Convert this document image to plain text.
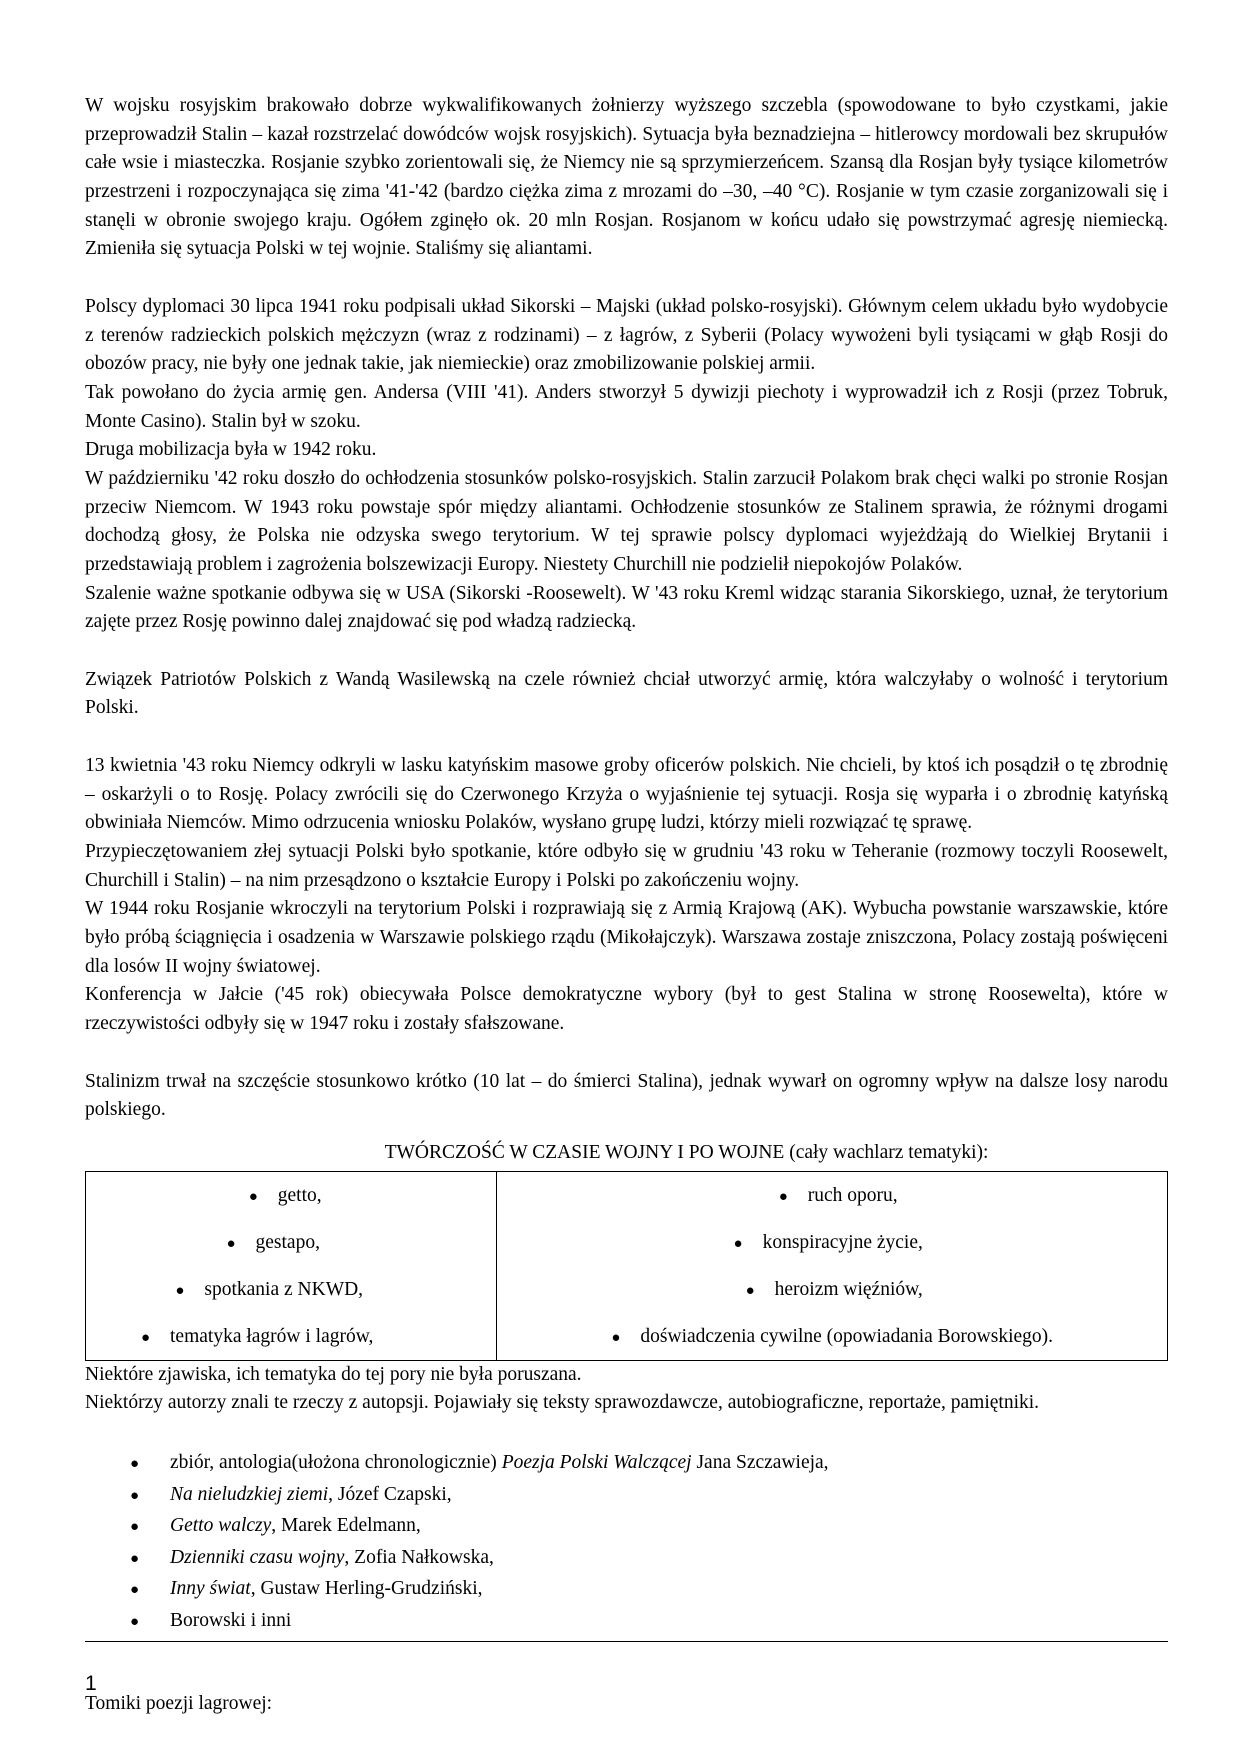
W wojsku rosyjskim brakowało dobrze wykwalifikowanych żołnierzy wyższego szczebla (spowodowane to było czystkami, jakie przeprowadził Stalin – kazał rozstrzelać dowódców wojsk rosyjskich). Sytuacja była beznadziejna – hitlerowcy mordowali bez skrupułów całe wsie i miasteczka. Rosjanie szybko zorientowali się, że Niemcy nie są sprzymierzeńcem. Szansą dla Rosjan były tysiące kilometrów przestrzeni i rozpoczynająca się zima '41-'42 (bardzo ciężka zima z mrozami do –30, –40 °C). Rosjanie w tym czasie zorganizowali się i stanęli w obronie swojego kraju. Ogółem zginęło ok. 20 mln Rosjan. Rosjanom w końcu udało się powstrzymać agresję niemiecką. Zmieniła się sytuacja Polski w tej wojnie. Staliśmy się aliantami.

Polscy dyplomaci 30 lipca 1941 roku podpisali układ Sikorski – Majski (układ polsko-rosyjski). Głównym celem układu było wydobycie z terenów radzieckich polskich mężczyzn (wraz z rodzinami) – z łagrów, z Syberii (Polacy wywożeni byli tysiącami w głąb Rosji do obozów pracy, nie były one jednak takie, jak niemieckie) oraz zmobilizowanie polskiej armii.

Tak powołano do życia armię gen. Andersa (VIII '41). Anders stworzył 5 dywizji piechoty i wyprowadził ich z Rosji (przez Tobruk, Monte Casino). Stalin był w szoku.

Druga mobilizacja była w 1942 roku.

W październiku '42 roku doszło do ochłodzenia stosunków polsko-rosyjskich. Stalin zarzucił Polakom brak chęci walki po stronie Rosjan przeciw Niemcom. W 1943 roku powstaje spór między aliantami. Ochłodzenie stosunków ze Stalinem sprawia, że różnymi drogami dochodzą głosy, że Polska nie odzyska swego terytorium. W tej sprawie polscy dyplomaci wyjeżdżają do Wielkiej Brytanii i przedstawiają problem i zagrożenia bolszewizacji Europy. Niestety Churchill nie podzielił niepokojów Polaków.

Szalenie ważne spotkanie odbywa się w USA (Sikorski -Roosewelt). W '43 roku Kreml widząc starania Sikorskiego, uznał, że terytorium zajęte przez Rosję powinno dalej znajdować się pod władzą radziecką.

Związek Patriotów Polskich z Wandą Wasilewską na czele również chciał utworzyć armię, która walczyłaby o wolność i terytorium Polski.

13 kwietnia '43 roku Niemcy odkryli w lasku katyńskim masowe groby oficerów polskich. Nie chcieli, by ktoś ich posądził o tę zbrodnię – oskarżyli o to Rosję. Polacy zwrócili się do Czerwonego Krzyża o wyjaśnienie tej sytuacji. Rosja się wyparła i o zbrodnię katyńską obwiniała Niemców. Mimo odrzucenia wniosku Polaków, wysłano grupę ludzi, którzy mieli rozwiązać tę sprawę.

Przypieczętowaniem złej sytuacji Polski było spotkanie, które odbyło się w grudniu '43 roku w Teheranie (rozmowy toczyli Roosewelt, Churchill i Stalin) – na nim przesądzono o kształcie Europy i Polski po zakończeniu wojny.

W 1944 roku Rosjanie wkroczyli na terytorium Polski i rozprawiają się z Armią Krajową (AK). Wybucha powstanie warszawskie, które było próbą ściągnięcia i osadzenia w Warszawie polskiego rządu (Mikołajczyk). Warszawa zostaje zniszczona, Polacy zostają poświęceni dla losów II wojny światowej.

Konferencja w Jałcie ('45 rok) obiecywała Polsce demokratyczne wybory (był to gest Stalina w stronę Roosewelta), które w rzeczywistości odbyły się w 1947 roku i zostały sfałszowane.

Stalinizm trwał na szczęście stosunkowo krótko (10 lat – do śmierci Stalina), jednak wywarł on ogromny wpływ na dalsze losy narodu polskiego.

TWÓRCZOŚĆ W CZASIE WOJNY I PO WOJNE (cały wachlarz tematyki):
● getto,
● gestapo,
● spotkania z NKWD,
● tematyka łagrów i lagrów,

● ruch oporu,
● konspiracyjne życie,
● heroizm więźniów,
● doświadczenia cywilne (opowiadania Borowskiego).

Niektóre zjawiska, ich tematyka do tej pory nie była poruszana.

Niektórzy autorzy znali te rzeczy z autopsji. Pojawiały się teksty sprawozdawcze, autobiograficzne, reportaże, pamiętniki.

●	zbiór, antologia(ułożona chronologicznie) Poezja Polski Walczącej Jana Szczawieja,
●	Na nieludzkiej ziemi, Józef Czapski,
●	Getto walczy, Marek Edelmann,
●	Dzienniki czasu wojny, Zofia Nałkowska,
●	Inny świat, Gustaw Herling-Grudziński,
●	Borowski i inni
Tomiki poezji lagrowej:
1
